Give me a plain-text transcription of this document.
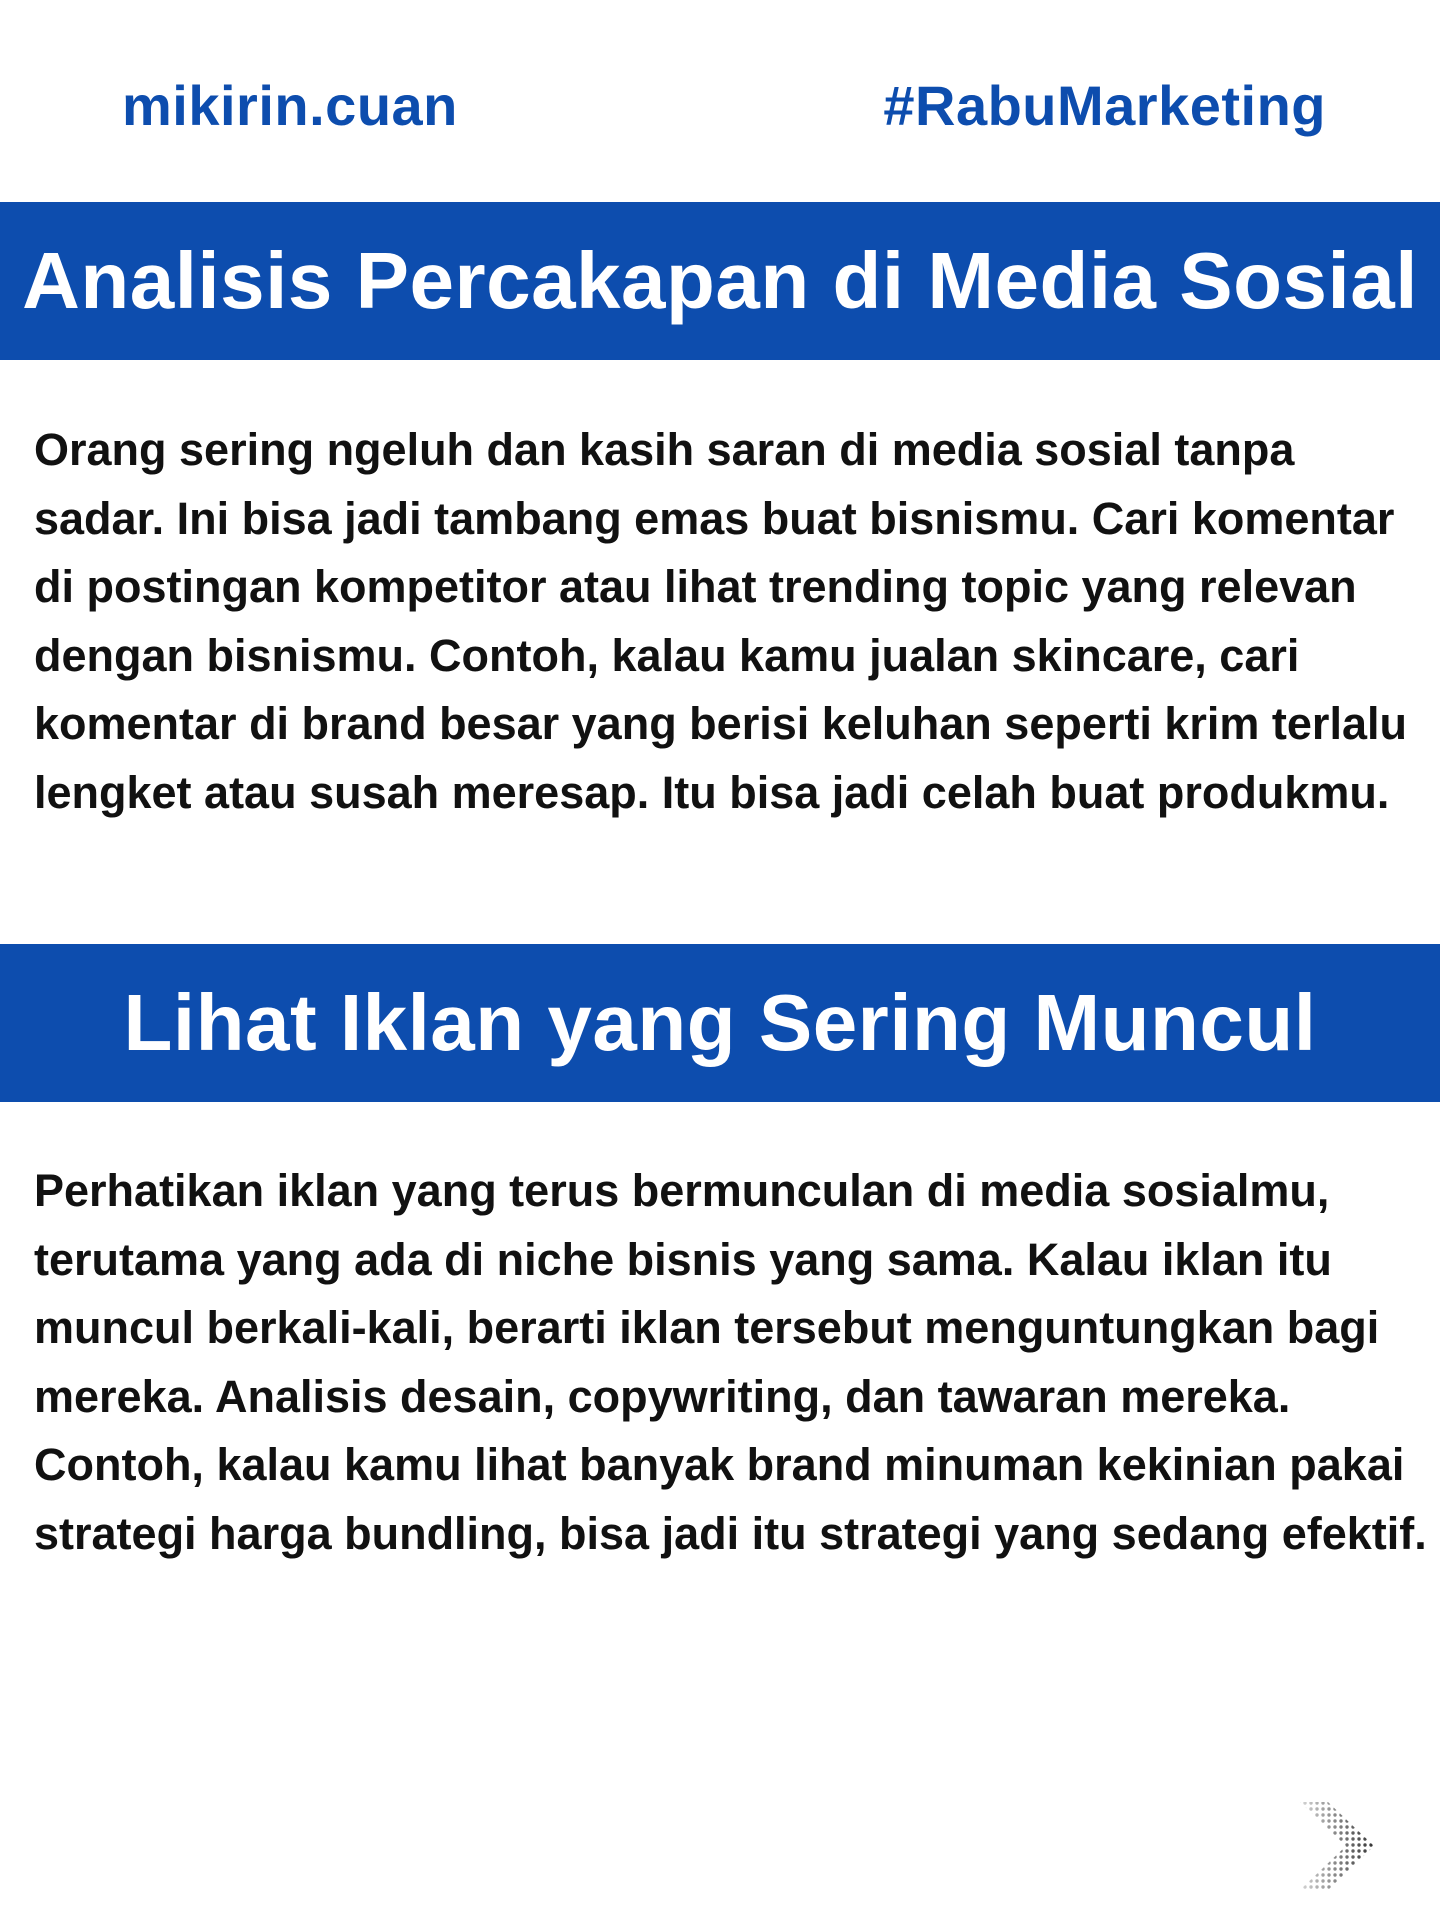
mikirin.cuan	#RabuMarketing
Analisis Percakapan di Media Sosial

Orang sering ngeluh dan kasih saran di media sosial tanpa sadar. Ini bisa jadi tambang emas buat bisnismu. Cari komentar di postingan kompetitor atau lihat trending topic yang relevan dengan bisnismu. Contoh, kalau kamu jualan skincare, cari komentar di brand besar yang berisi keluhan seperti krim terlalu lengket atau susah meresap. Itu bisa jadi celah buat produkmu.

Lihat Iklan yang Sering Muncul

Perhatikan iklan yang terus bermunculan di media sosialmu, terutama yang ada di niche bisnis yang sama. Kalau iklan itu muncul berkali-kali, berarti iklan tersebut menguntungkan bagi mereka. Analisis desain, copywriting, dan tawaran mereka. Contoh, kalau kamu lihat banyak brand minuman kekinian pakai strategi harga bundling, bisa jadi itu strategi yang sedang efektif.
